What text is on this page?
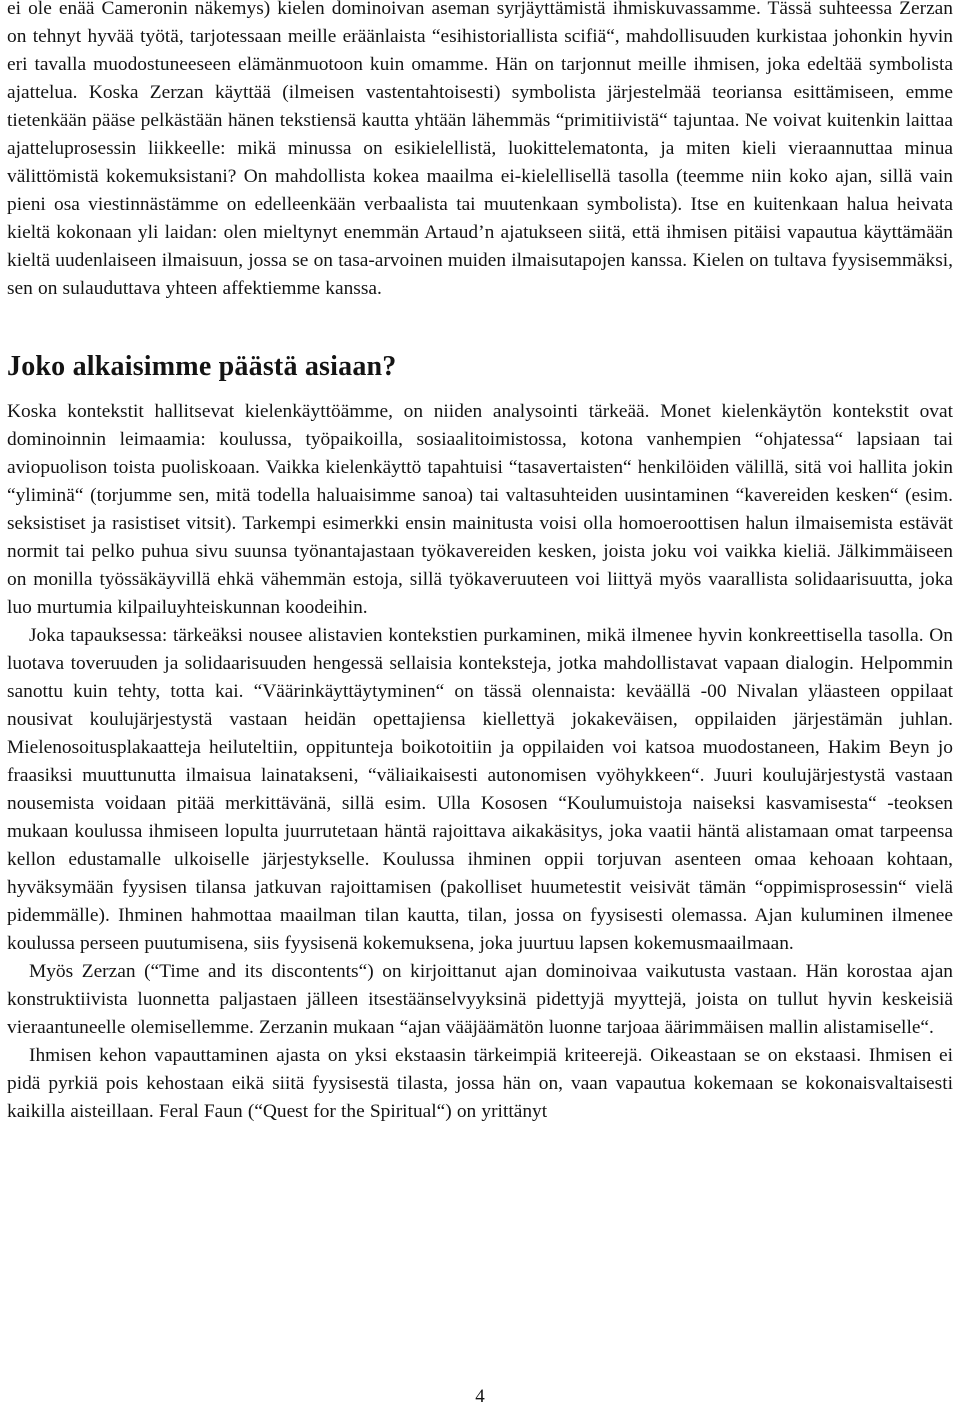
ei ole enää Cameronin näkemys) kielen dominoivan aseman syrjäyttämistä ihmiskuvassamme. Tässä suhteessa Zerzan on tehnyt hyvää työtä, tarjotessaan meille eräänlaista “esihistoriallista scifiä“, mahdollisuuden kurkistaa johonkin hyvin eri tavalla muodostuneeseen elämänmuotoon kuin omamme. Hän on tarjonnut meille ihmisen, joka edeltää symbolista ajattelua. Koska Zerzan käyttää (ilmeisen vastentahtoisesti) symbolista järjestelmää teoriansa esittämiseen, emme tietenkään pääse pelkästään hänen tekstiensä kautta yhtään lähemmäs “primitiivistä“ tajuntaa. Ne voivat kuitenkin laittaa ajatteluprosessin liikkeelle: mikä minussa on esikielellistä, luokittelematonta, ja miten kieli vieraannuttaa minua välittömistä kokemuksistani? On mahdollista kokea maailma ei-kielellisellä tasolla (teemme niin koko ajan, sillä vain pieni osa viestinnästämme on edelleenkään verbaalista tai muutenkaan symbolista). Itse en kuitenkaan halua heivata kieltä kokonaan yli laidan: olen mieltynyt enemmän Artaud’n ajatukseen siitä, että ihmisen pitäisi vapautua käyttämään kieltä uudenlaiseen ilmaisuun, jossa se on tasa-arvoinen muiden ilmaisutapojen kanssa. Kielen on tultava fyysisemmäksi, sen on sulauduttava yhteen affektiemme kanssa.

Joko alkaisimme päästä asiaan?

Koska kontekstit hallitsevat kielenkäyttöämme, on niiden analysointi tärkeää. Monet kielenkäytön kontekstit ovat dominoinnin leimaamia: koulussa, työpaikoilla, sosiaalitoimistossa, kotona vanhempien “ohjatessa“ lapsiaan tai aviopuolison toista puoliskoaan. Vaikka kielenkäyttö tapahtuisi “tasavertaisten“ henkilöiden välillä, sitä voi hallita jokin “yliminä“ (torjumme sen, mitä todella haluaisimme sanoa) tai valtasuhteiden uusintaminen “kavereiden kesken“ (esim. seksistiset ja rasistiset vitsit). Tarkempi esimerkki ensin mainitusta voisi olla homoeroottisen halun ilmaisemista estävät normit tai pelko puhua sivu suunsa työnantajastaan työkavereiden kesken, joista joku voi vaikka kieliä. Jälkimmäiseen on monilla työssäkäyvillä ehkä vähemmän estoja, sillä työkaveruuteen voi liittyä myös vaarallista solidaarisuutta, joka luo murtumia kilpailuyhteiskunnan koodeihin.

Joka tapauksessa: tärkeäksi nousee alistavien kontekstien purkaminen, mikä ilmenee hyvin konkreettisella tasolla. On luotava toveruuden ja solidaarisuuden hengessä sellaisia konteksteja, jotka mahdollistavat vapaan dialogin. Helpommin sanottu kuin tehty, totta kai. “Väärinkäyttäytyminen“ on tässä olennaista: keväällä -00 Nivalan yläasteen oppilaat nousivat koulujärjestystä vastaan heidän opettajiensa kiellettyä jokakeväisen, oppilaiden järjestämän juhlan. Mielenosoitusplakaattеja heiluteltiin, oppitunteja boikotoitiin ja oppilaiden voi katsoa muodostaneen, Hakim Beyn jo fraasiksi muuttunutta ilmaisua lainatakseni, “väliaikaisesti autonomisen vyöhykkeen“. Juuri koulujärjestystä vastaan nousemista voidaan pitää merkittävänä, sillä esim. Ulla Kososen “Koulumuistoja naiseksi kasvamisesta“ -teoksen mukaan koulussa ihmiseen lopulta juurrutetaan häntä rajoittava aikakäsitys, joka vaatii häntä alistamaan omat tarpeensa kellon edustamalle ulkoiselle järjestykselle. Koulussa ihminen oppii torjuvan asenteen omaa kehoaan kohtaan, hyväksymään fyysisen tilansa jatkuvan rajoittamisen (pakolliset huumetestit veisivät tämän “oppimisprosessin“ vielä pidemmälle). Ihminen hahmottaa maailman tilan kautta, tilan, jossa on fyysisesti olemassa. Ajan kuluminen ilmenee koulussa perseen puutumisena, siis fyysisenä kokemuksena, joka juurtuu lapsen kokemusmaailmaan.

Myös Zerzan (“Time and its discontents“) on kirjoittanut ajan dominoivaa vaikutusta vastaan. Hän korostaa ajan konstruktiivista luonnetta paljastaen jälleen itsestäänselvyyksinä pidettyjä myyttejä, joista on tullut hyvin keskeisiä vieraantuneelle olemisellemme. Zerzanin mukaan “ajan vääjäämätön luonne tarjoaa äärimmäisen mallin alistamiselle“.

Ihmisen kehon vapauttaminen ajasta on yksi ekstaasin tärkeimpiä kriteerejä. Oikeastaan se on ekstaasi. Ihmisen ei pidä pyrkiä pois kehostaan eikä siitä fyysisestä tilasta, jossa hän on, vaan vapautua kokemaan se kokonaisvaltaisesti kaikilla aisteillaan. Feral Faun (“Quest for the Spiritual“) on yrittänyt

4
